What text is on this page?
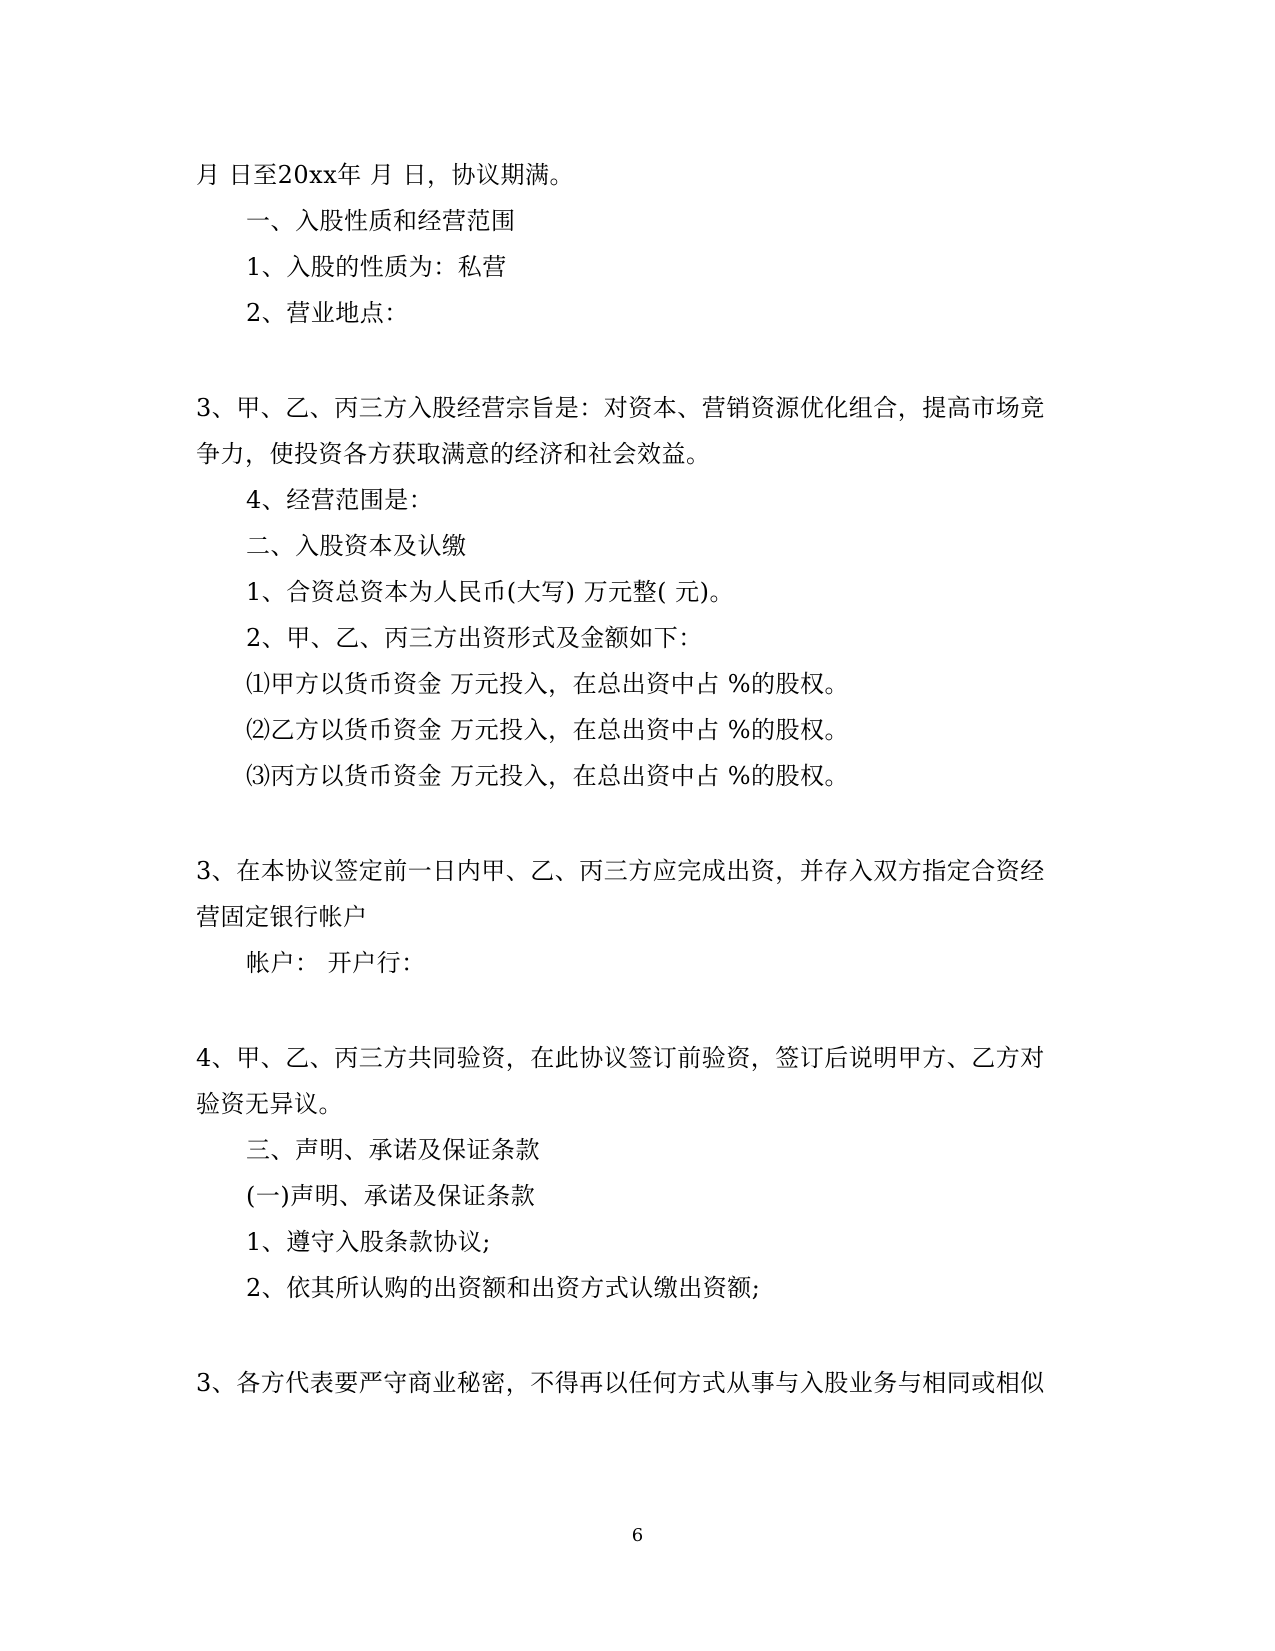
月 日至20xx年 月 日，协议期满。
一、入股性质和经营范围
1、入股的性质为：私营
2、营业地点：
3、甲、乙、丙三方入股经营宗旨是：对资本、营销资源优化组合，提高市场竞
争力，使投资各方获取满意的经济和社会效益。
4、经营范围是：
二、入股资本及认缴
1、合资总资本为人民币(大写) 万元整( 元)。
2、甲、乙、丙三方出资形式及金额如下：
⑴甲方以货币资金 万元投入，在总出资中占 %的股权。
⑵乙方以货币资金 万元投入，在总出资中占 %的股权。
⑶丙方以货币资金 万元投入，在总出资中占 %的股权。
3、在本协议签定前一日内甲、乙、丙三方应完成出资，并存入双方指定合资经
营固定银行帐户
帐户： 开户行：
4、甲、乙、丙三方共同验资，在此协议签订前验资，签订后说明甲方、乙方对
验资无异议。
三、声明、承诺及保证条款
(一)声明、承诺及保证条款
1、遵守入股条款协议;
2、依其所认购的出资额和出资方式认缴出资额;
3、各方代表要严守商业秘密，不得再以任何方式从事与入股业务与相同或相似
6
